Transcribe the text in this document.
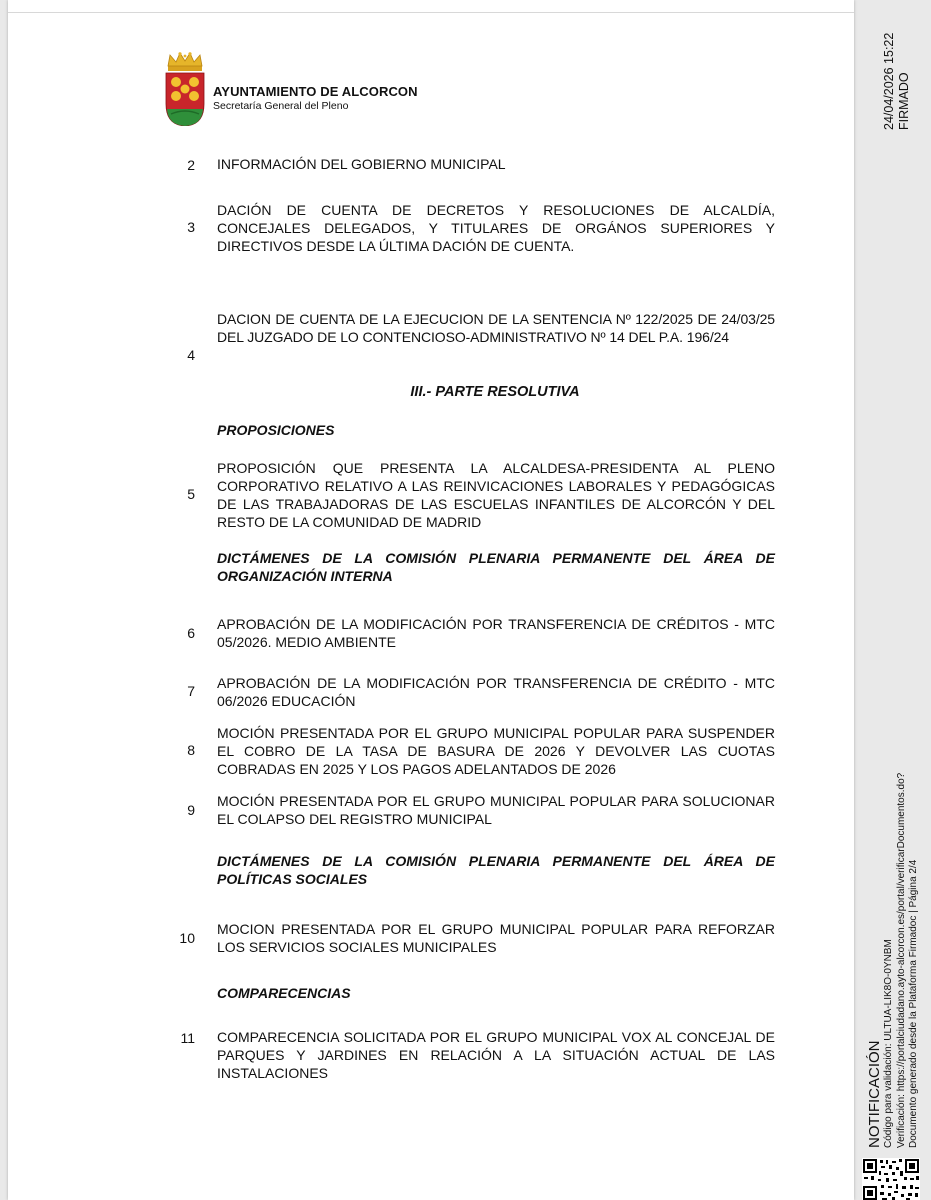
AYUNTAMIENTO DE ALCORCON
Secretaría General del Pleno
2 INFORMACIÓN DEL GOBIERNO MUNICIPAL
3
DACIÓN DE CUENTA DE DECRETOS Y RESOLUCIONES DE ALCALDÍA, CONCEJALES DELEGADOS, Y TITULARES DE ORGÁNOS SUPERIORES Y DIRECTIVOS DESDE LA ÚLTIMA DACIÓN DE CUENTA.
4
DACION DE CUENTA DE LA EJECUCION DE LA SENTENCIA Nº 122/2025 DE 24/03/25 DEL JUZGADO DE LO CONTENCIOSO-ADMINISTRATIVO Nº 14 DEL P.A. 196/24
III.- PARTE RESOLUTIVA
PROPOSICIONES
5
PROPOSICIÓN QUE PRESENTA LA ALCALDESA-PRESIDENTA AL PLENO CORPORATIVO RELATIVO A LAS REINVICACIONES LABORALES Y PEDAGÓGICAS DE LAS TRABAJADORAS DE LAS ESCUELAS INFANTILES DE ALCORCÓN Y DEL RESTO DE LA COMUNIDAD DE MADRID
DICTÁMENES DE LA COMISIÓN PLENARIA PERMANENTE DEL ÁREA DE ORGANIZACIÓN INTERNA
6
APROBACIÓN DE LA MODIFICACIÓN POR TRANSFERENCIA DE CRÉDITOS - MTC 05/2026. MEDIO AMBIENTE
7 APROBACIÓN DE LA MODIFICACIÓN POR TRANSFERENCIA DE CRÉDITO - MTC 06/2026 EDUCACIÓN
8
MOCIÓN PRESENTADA POR EL GRUPO MUNICIPAL POPULAR PARA SUSPENDER EL COBRO DE LA TASA DE BASURA DE 2026 Y DEVOLVER LAS CUOTAS COBRADAS EN 2025 Y LOS PAGOS ADELANTADOS DE 2026
9
MOCIÓN PRESENTADA POR EL GRUPO MUNICIPAL POPULAR PARA SOLUCIONAR EL COLAPSO DEL REGISTRO MUNICIPAL
DICTÁMENES DE LA COMISIÓN PLENARIA PERMANENTE DEL ÁREA DE POLÍTICAS SOCIALES
10
MOCION PRESENTADA POR EL GRUPO MUNICIPAL POPULAR PARA REFORZAR LOS SERVICIOS SOCIALES MUNICIPALES
COMPARECENCIAS
11 COMPARECENCIA SOLICITADA POR EL GRUPO MUNICIPAL VOX AL CONCEJAL DE PARQUES Y JARDINES EN RELACIÓN A LA SITUACIÓN ACTUAL DE LAS INSTALACIONES
24/04/2026 15:22 FIRMADO
NOTIFICACIÓN Código para validación: ULTUA-LIK8O-0YNBM Verificación: https://portalciudadano.ayto-alcorcon.es/portal/verificarDocumentos.do? Documento generado desde la Plataforma Firmadoc | Página 2/4
